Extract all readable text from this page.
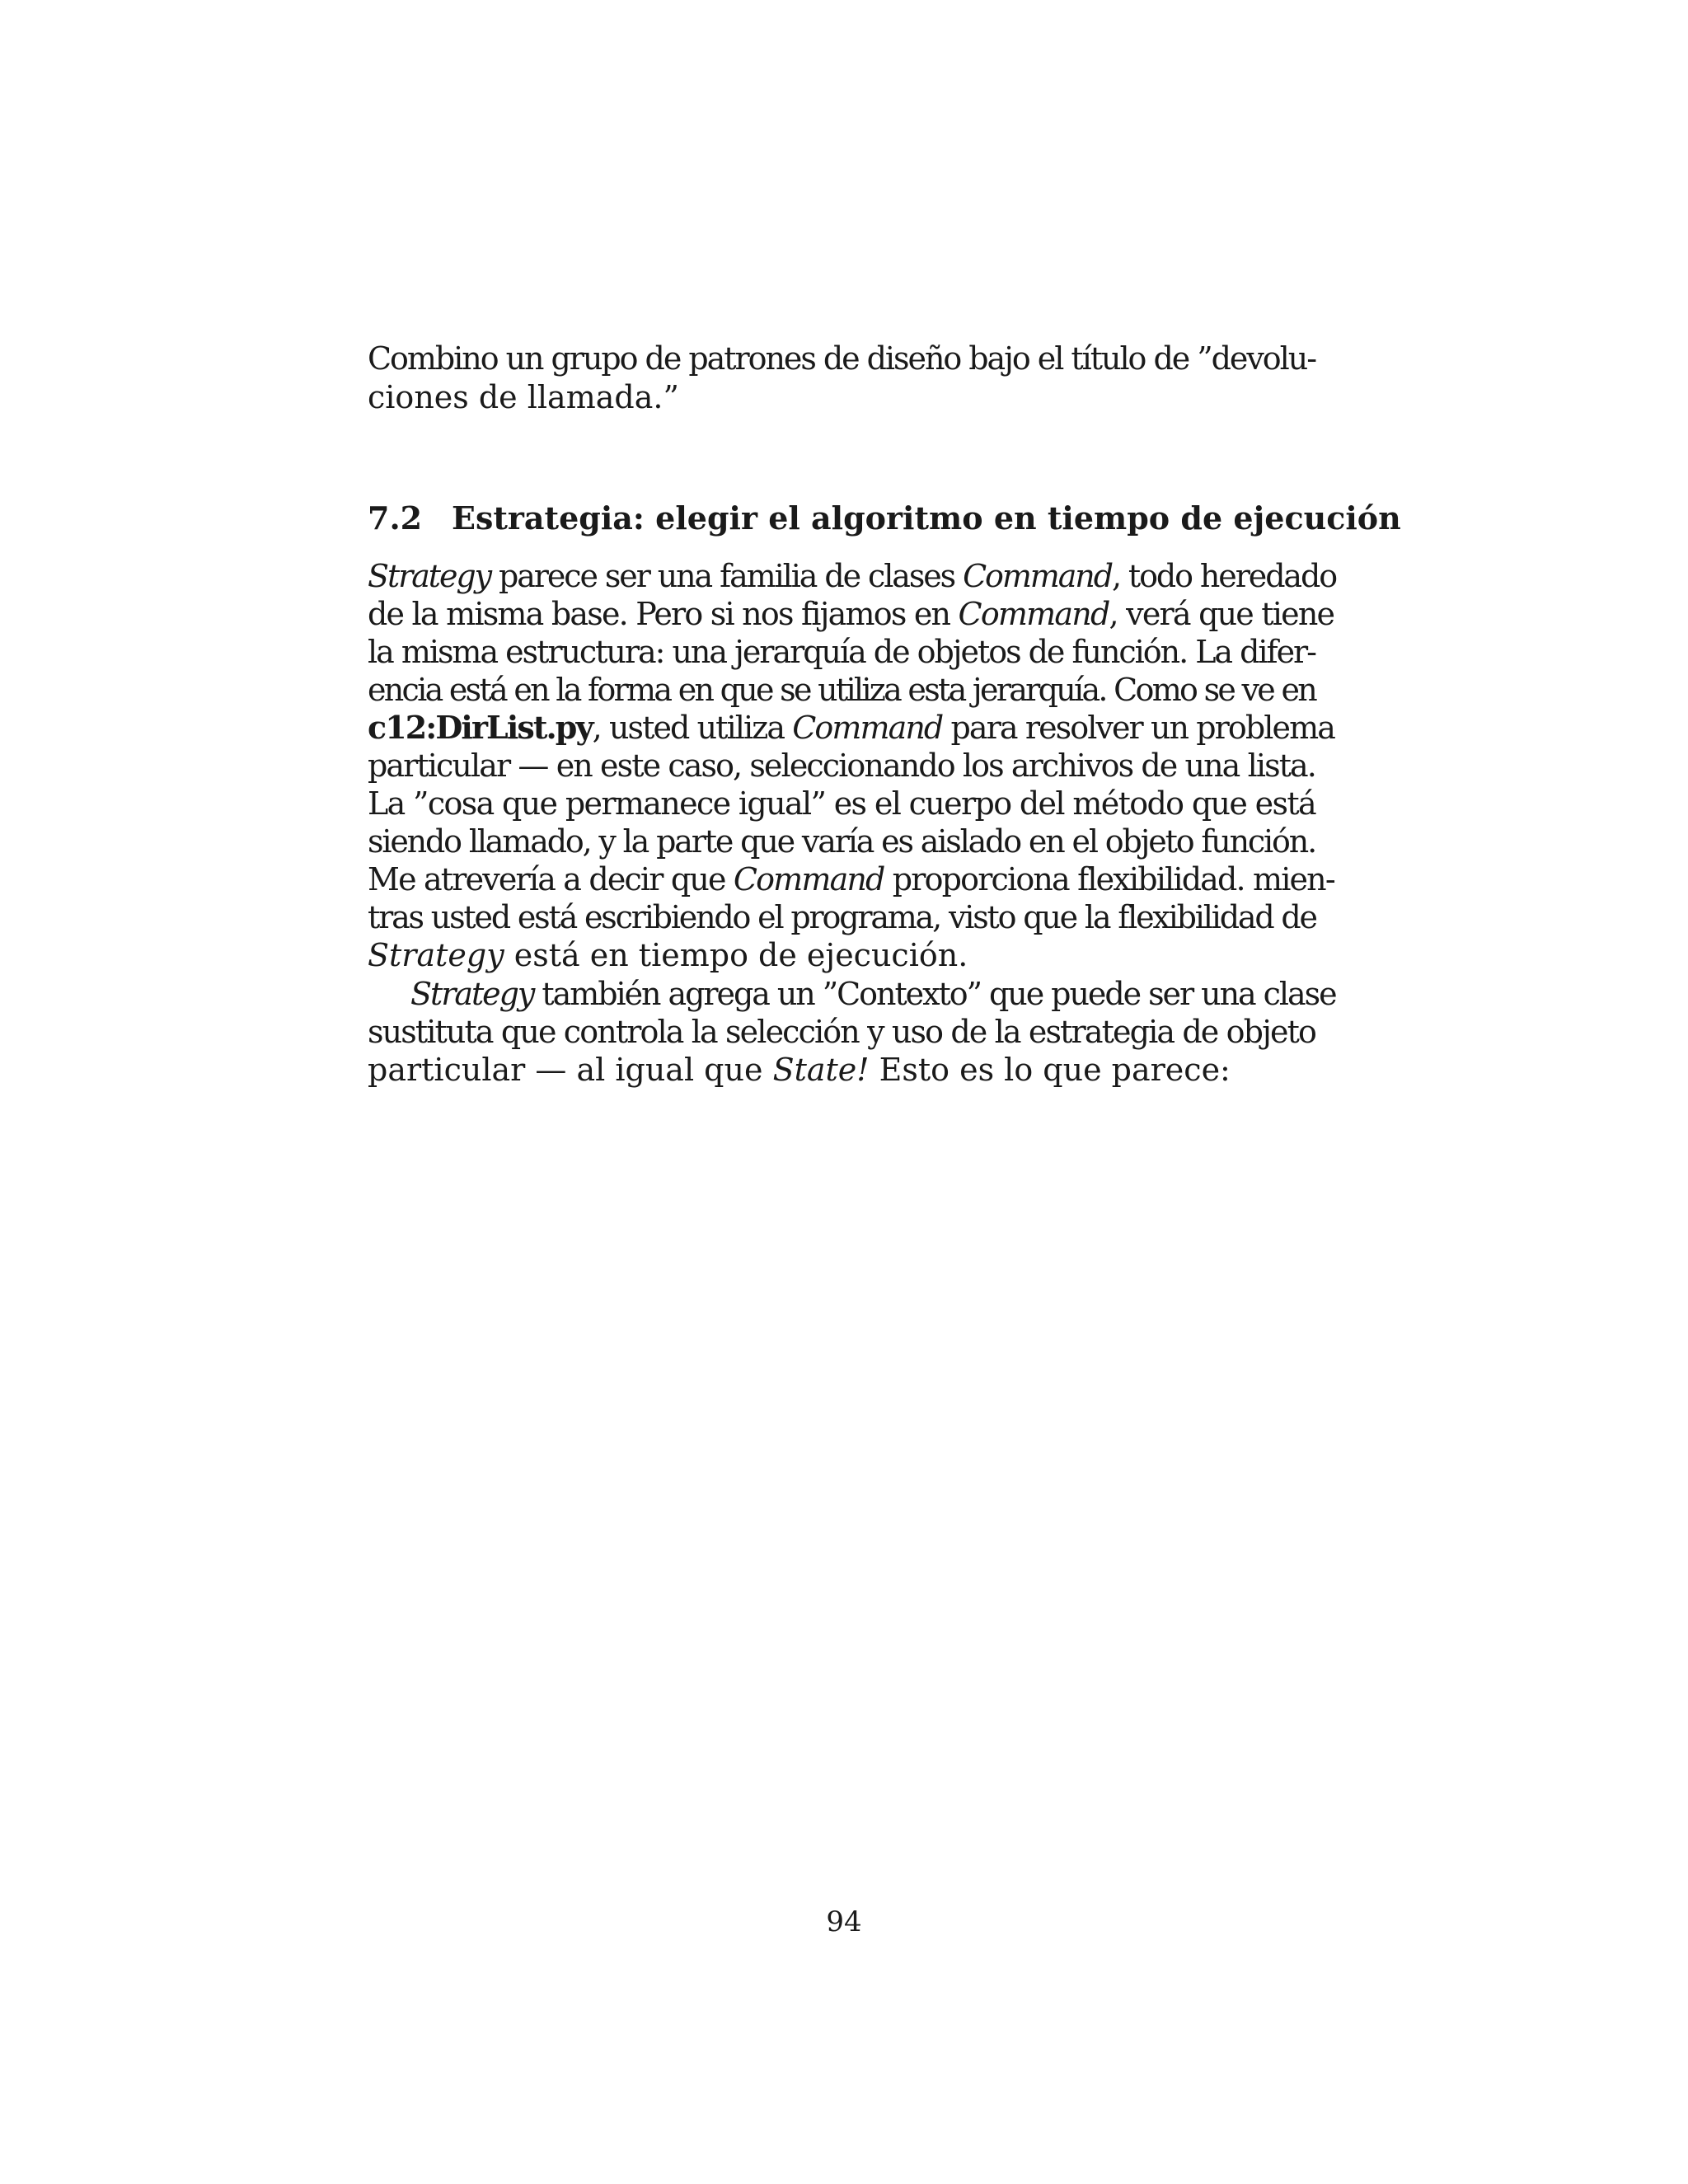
Combino un grupo de patrones de diseño bajo el título de ”devolu-
ciones de llamada.”
7.2 Estrategia: elegir el algoritmo en tiempo de ejecución
Strategy parece ser una familia de clases Command, todo heredado
de la misma base. Pero si nos fijamos en Command, verá que tiene
la misma estructura: una jerarquía de objetos de función. La difer-
encia está en la forma en que se utiliza esta jerarquía. Como se ve en
c12:DirList.py, usted utiliza Command para resolver un problema
particular — en este caso, seleccionando los archivos de una lista.
La ”cosa que permanece igual” es el cuerpo del método que está
siendo llamado, y la parte que varía es aislado en el objeto función.
Me atrevería a decir que Command proporciona flexibilidad. mien-
tras usted está escribiendo el programa, visto que la flexibilidad de
Strategy está en tiempo de ejecución.
Strategy también agrega un ”Contexto” que puede ser una clase
sustituta que controla la selección y uso de la estrategia de objeto
particular — al igual que State! Esto es lo que parece:
94
